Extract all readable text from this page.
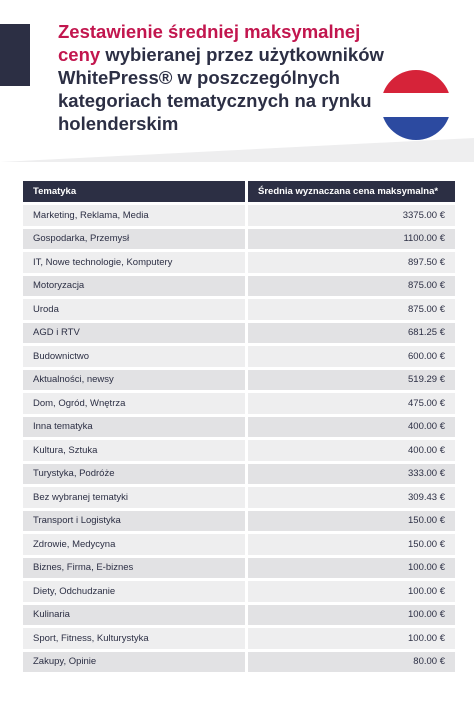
Zestawienie średniej maksymalnej ceny wybieranej przez użytkowników WhitePress® w poszczególnych kategoriach tematycznych na rynku holenderskim
Tematyka	Średnia wyznaczana cena maksymalna*
Marketing, Reklama, Media	3375.00 €
Gospodarka, Przemysł	1100.00 €
IT, Nowe technologie, Komputery	897.50 €
Motoryzacja	875.00 €
Uroda	875.00 €
AGD i RTV	681.25 €
Budownictwo	600.00 €
Aktualności, newsy	519.29 €
Dom, Ogród, Wnętrza	475.00 €
Inna tematyka	400.00 €
Kultura, Sztuka	400.00 €
Turystyka, Podróże	333.00 €
Bez wybranej tematyki	309.43 €
Transport i Logistyka	150.00 €
Zdrowie, Medycyna	150.00 €
Biznes, Firma, E-biznes	100.00 €
Diety, Odchudzanie	100.00 €
Kulinaria	100.00 €
Sport, Fitness, Kulturystyka	100.00 €
Zakupy, Opinie	80.00 €
